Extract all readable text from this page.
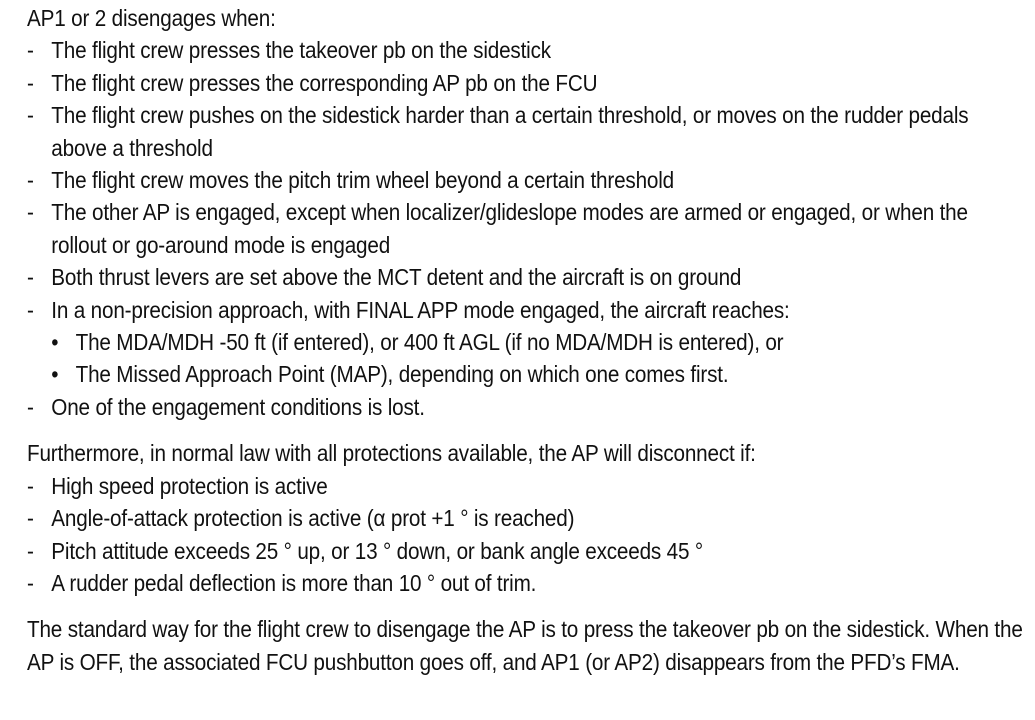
AP1 or 2 disengages when:

- The flight crew presses the takeover pb on the sidestick
- The flight crew presses the corresponding AP pb on the FCU
- The flight crew pushes on the sidestick harder than a certain threshold, or moves on the rudder pedals above a threshold
- The flight crew moves the pitch trim wheel beyond a certain threshold
- The other AP is engaged, except when localizer/glideslope modes are armed or engaged, or when the rollout or go-around mode is engaged
- Both thrust levers are set above the MCT detent and the aircraft is on ground
- In a non-precision approach, with FINAL APP mode engaged, the aircraft reaches:
• The MDA/MDH -50 ft (if entered), or 400 ft AGL (if no MDA/MDH is entered), or
• The Missed Approach Point (MAP), depending on which one comes first.
- One of the engagement conditions is lost.

Furthermore, in normal law with all protections available, the AP will disconnect if:

- High speed protection is active
- Angle-of-attack protection is active (α prot +1 ° is reached)
- Pitch attitude exceeds 25 ° up, or 13 ° down, or bank angle exceeds 45 °
- A rudder pedal deflection is more than 10 ° out of trim.

The standard way for the flight crew to disengage the AP is to press the takeover pb on the sidestick. When the AP is OFF, the associated FCU pushbutton goes off, and AP1 (or AP2) disappears from the PFD’s FMA.
